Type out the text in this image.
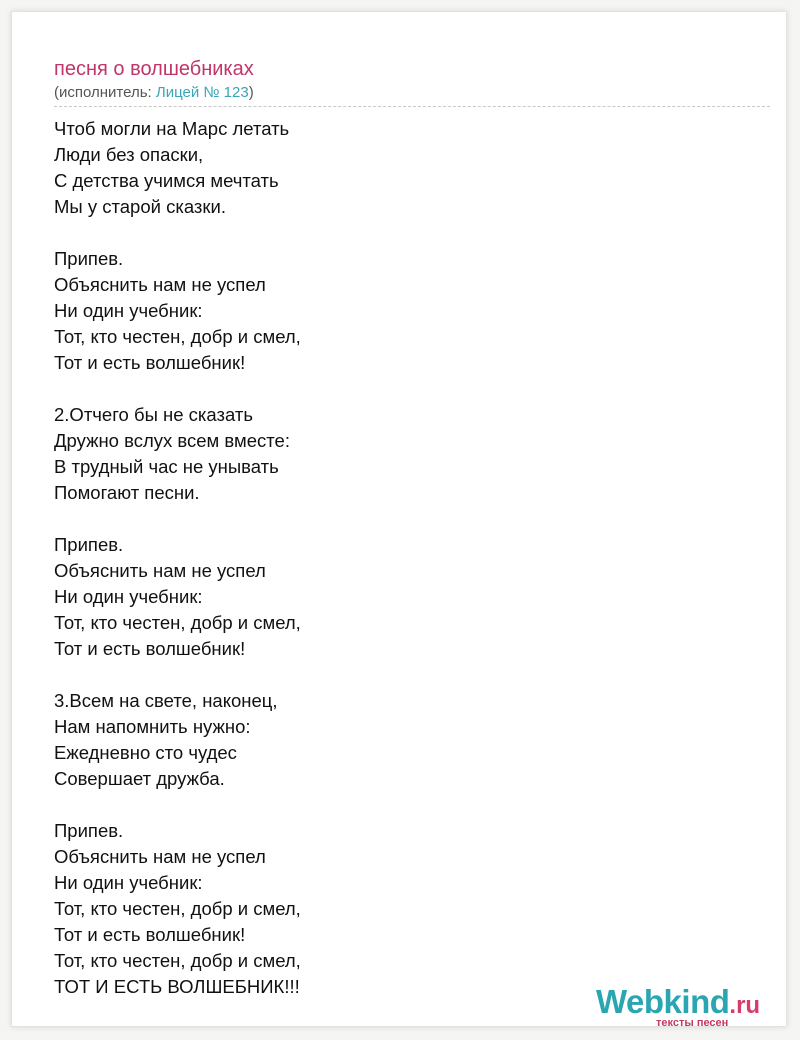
песня о волшебниках
(исполнитель: Лицей № 123)
Чтоб могли на Марс летать
Люди без опаски,
С детства учимся мечтать
Мы у старой сказки.
Припев.
Объяснить нам не успел
Ни один учебник:
Тот, кто честен, добр и смел,
Тот и есть волшебник!
2.Отчего бы не сказать
Дружно вслух всем вместе:
В трудный час не унывать
Помогают песни.
Припев.
Объяснить нам не успел
Ни один учебник:
Тот, кто честен, добр и смел,
Тот и есть волшебник!
3.Всем на свете, наконец,
Нам напомнить нужно:
Ежедневно сто чудес
Совершает дружба.
Припев.
Объяснить нам не успел
Ни один учебник:
Тот, кто честен, добр и смел,
Тот и есть волшебник!
Тот, кто честен, добр и смел,
ТОТ И ЕСТЬ ВОЛШЕБНИК!!!	Webkind.ru
тексты песен
